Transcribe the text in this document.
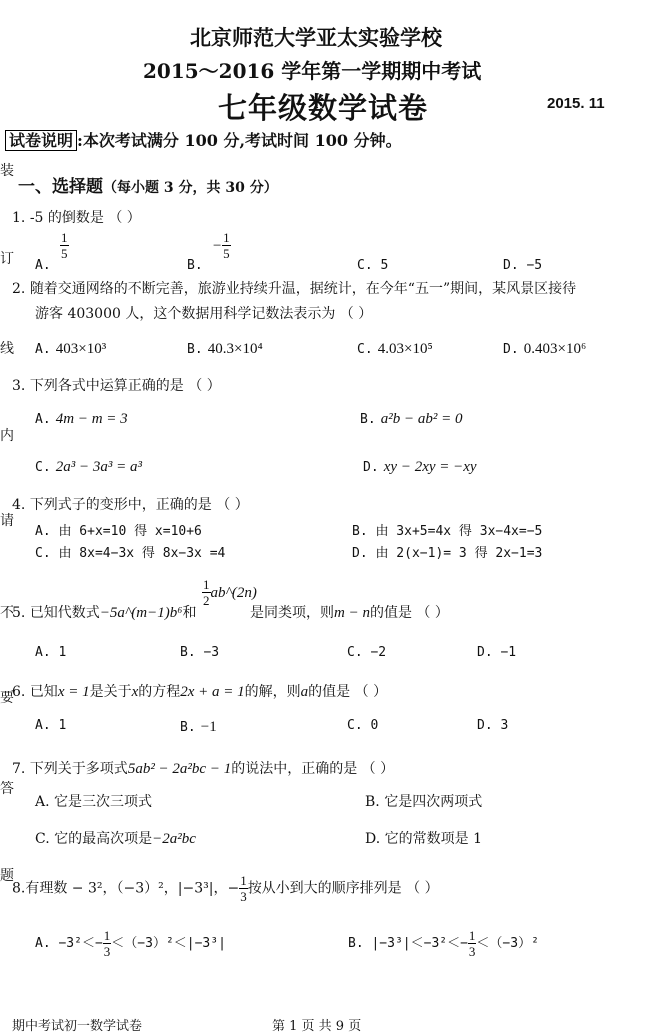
北京师范大学亚太实验学校
2015～2016 学年第一学期期中考试
七年级数学试卷	2015. 11
试卷说明 :本次考试满分 100 分,考试时间 100 分钟。
一、选择题（每小题 3 分，共 30 分）
装
订
线
内
请
不
要
答
题
1. -5 的倒数是 （ ）
A.
$\frac{1}{5}$
B.
− $\frac{1}{5}$
C. 5	D. −5
2. 随着交通网络的不断完善，旅游业持续升温，据统计，在今年“五一”期间，某风景区接待
游客 403000 人，这个数据用科学记数法表示为 （ ）
A. 403×10³	B. 40.3×10⁴	C. 4.03×10⁵	D. 0.403×10⁶
3. 下列各式中运算正确的是 （ ）
A. 4m − m = 3	B. a²b − ab² = 0
C. 2a³ − 3a³ = a³	D. xy − 2xy = −xy
4. 下列式子的变形中，正确的是 （ ）
A. 由 6+x=10 得 x=10+6	B. 由 3x+5=4x 得 3x−4x=−5
C. 由 8x=4−3x 得 8x−3x =4	D. 由 2(x−1)= 3 得 2x−1=3
5. 已知代数式−5a^(m−1)b⁶和
$\frac{1}{2}$ ab^(2n)
是同类项，则m − n的值是 （ ）
A. 1	B. −3	C. −2	D. −1
6. 已知x = 1是关于x的方程2x + a = 1的解，则a的值是 （ ）
A. 1	B. −1	C. 0	D. 3
7. 下列关于多项式5ab² − 2a²bc − 1的说法中，正确的是 （ ）
A. 它是三次三项式	B. 它是四次两项式
C. 它的最高次项是−2a²bc	D. 它的常数项是 1
8.有理数 − 3²，（−3）²，|−3³|，− $\frac{1}{3}$ 按从小到大的顺序排列是 （ ）
A. $-3^2<- \frac{1}{3} <(-3)^2<|-3^3|$	B. $|-3^3|<-3^2<- \frac{1}{3} <(-3)^2$
期中考试初一数学试卷	第 1 页 共 9 页
